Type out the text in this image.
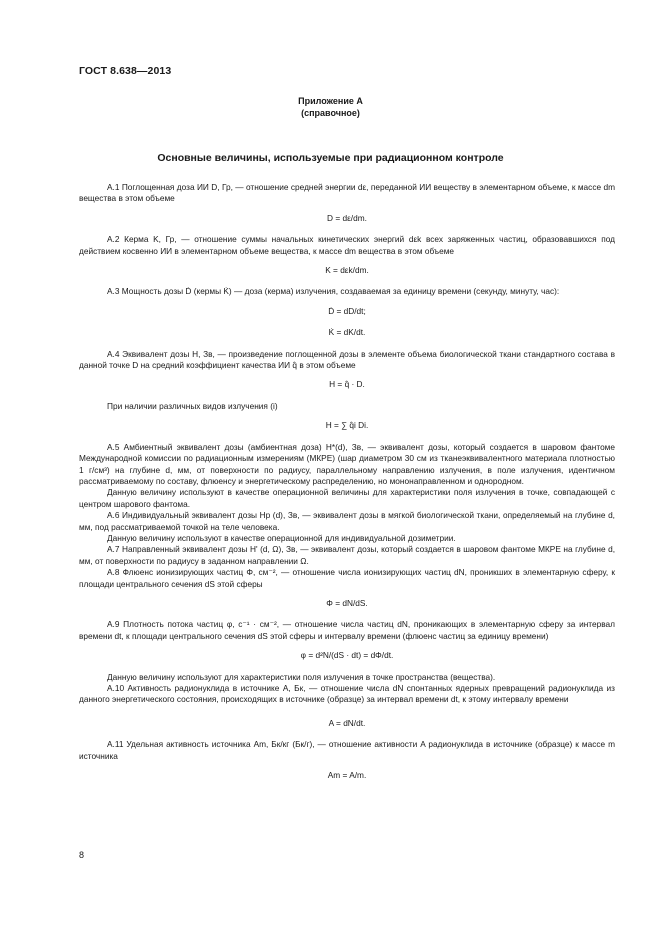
ГОСТ 8.638—2013
Приложение А
(справочное)
Основные величины, используемые при радиационном контроле

А.1 Поглощенная доза ИИ D, Гр, — отношение средней энергии dε, переданной ИИ веществу в элементарном объеме, к массе dm вещества в этом объеме

D = dε/dm.

А.2 Керма K, Гр, — отношение суммы начальных кинетических энергий dεk всех заряженных частиц, образовавшихся под действием косвенно ИИ в элементарном объеме вещества, к массе dm вещества в этом объеме

K = dεk/dm.

А.3 Мощность дозы Ḋ (кермы K̇) — доза (керма) излучения, создаваемая за единицу времени (секунду, минуту, час):

Ḋ = dD/dt;

K̇ = dK/dt.

А.4 Эквивалент дозы H, Зв, — произведение поглощенной дозы в элементе объема биологической ткани стандартного состава в данной точке D на средний коэффициент качества ИИ q̂ в этом объеме

H = q̂ · D.

При наличии различных видов излучения (i)

H = ∑ q̂i Di.

А.5 Амбиентный эквивалент дозы (амбиентная доза) H*(d), Зв, — эквивалент дозы, который создается в шаровом фантоме Международной комиссии по радиационным измерениям (МКРЕ) (шар диаметром 30 см из тканеэквивалентного материала плотностью 1 г/см³) на глубине d, мм, от поверхности по радиусу, параллельному направлению излучения, в поле излучения, идентичном рассматриваемому по составу, флюенсу и энергетическому распределению, но мононаправленном и однородном.

Данную величину используют в качестве операционной величины для характеристики поля излучения в точке, совпадающей с центром шарового фантома.

А.6 Индивидуальный эквивалент дозы Hp (d), Зв, — эквивалент дозы в мягкой биологической ткани, определяемый на глубине d, мм, под рассматриваемой точкой на теле человека.

Данную величину используют в качестве операционной для индивидуальной дозиметрии.

А.7 Направленный эквивалент дозы H' (d, Ω), Зв, — эквивалент дозы, который создается в шаровом фантоме МКРЕ на глубине d, мм, от поверхности по радиусу в заданном направлении Ω.

А.8 Флюенс ионизирующих частиц Φ, см⁻², — отношение числа ионизирующих частиц dN, проникших в элементарную сферу, к площади центрального сечения dS этой сферы

Φ = dN/dS.

А.9 Плотность потока частиц φ, с⁻¹ · см⁻², — отношение числа частиц dN, проникающих в элементарную сферу за интервал времени dt, к площади центрального сечения dS этой сферы и интервалу времени (флюенс частиц за единицу времени)

φ = d²N/(dS · dt) = dΦ/dt.

Данную величину используют для характеристики поля излучения в точке пространства (вещества).

А.10 Активность радионуклида в источнике A, Бк, — отношение числа dN спонтанных ядерных превращений радионуклида из данного энергетического состояния, происходящих в источнике (образце) за интервал времени dt, к этому интервалу времени

A = dN/dt.

А.11 Удельная активность источника Am, Бк/кг (Бк/г), — отношение активности A радионуклида в источнике (образце) к массе m источника

Am = A/m.

8
